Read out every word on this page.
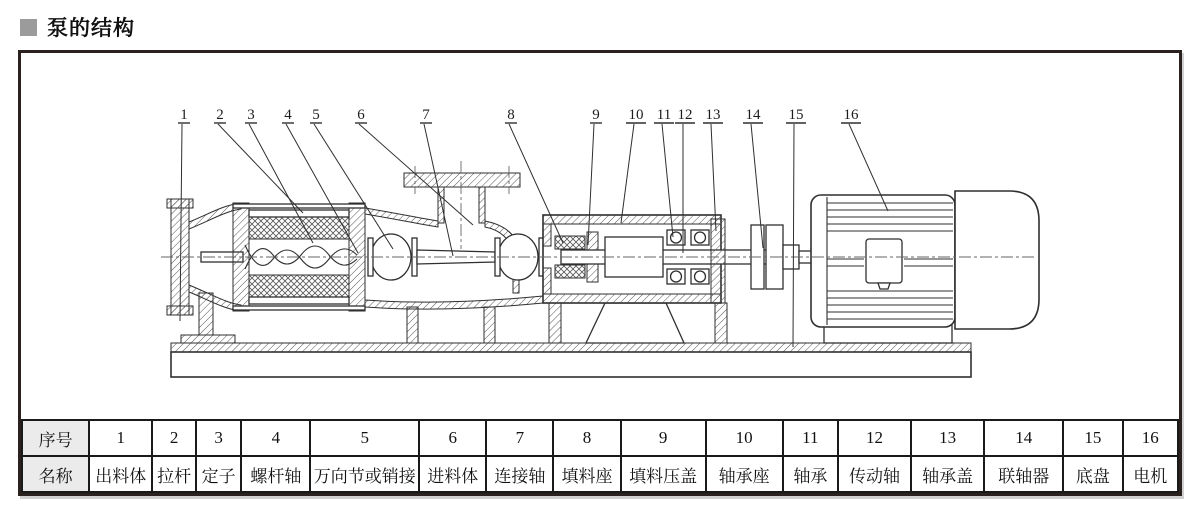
泵的结构
1 2 3 4 5	6	7	8	9 10 11 12 13 14 15	16
序号	1	2	3	4	5	6	7	8	9	10	11	12	13	14	15	16
名称	出料体	拉杆	定子	螺杆轴	万向节或销接	进料体	连接轴	填料座	填料压盖	轴承座	轴承	传动轴	轴承盖	联轴器	底盘	电机
